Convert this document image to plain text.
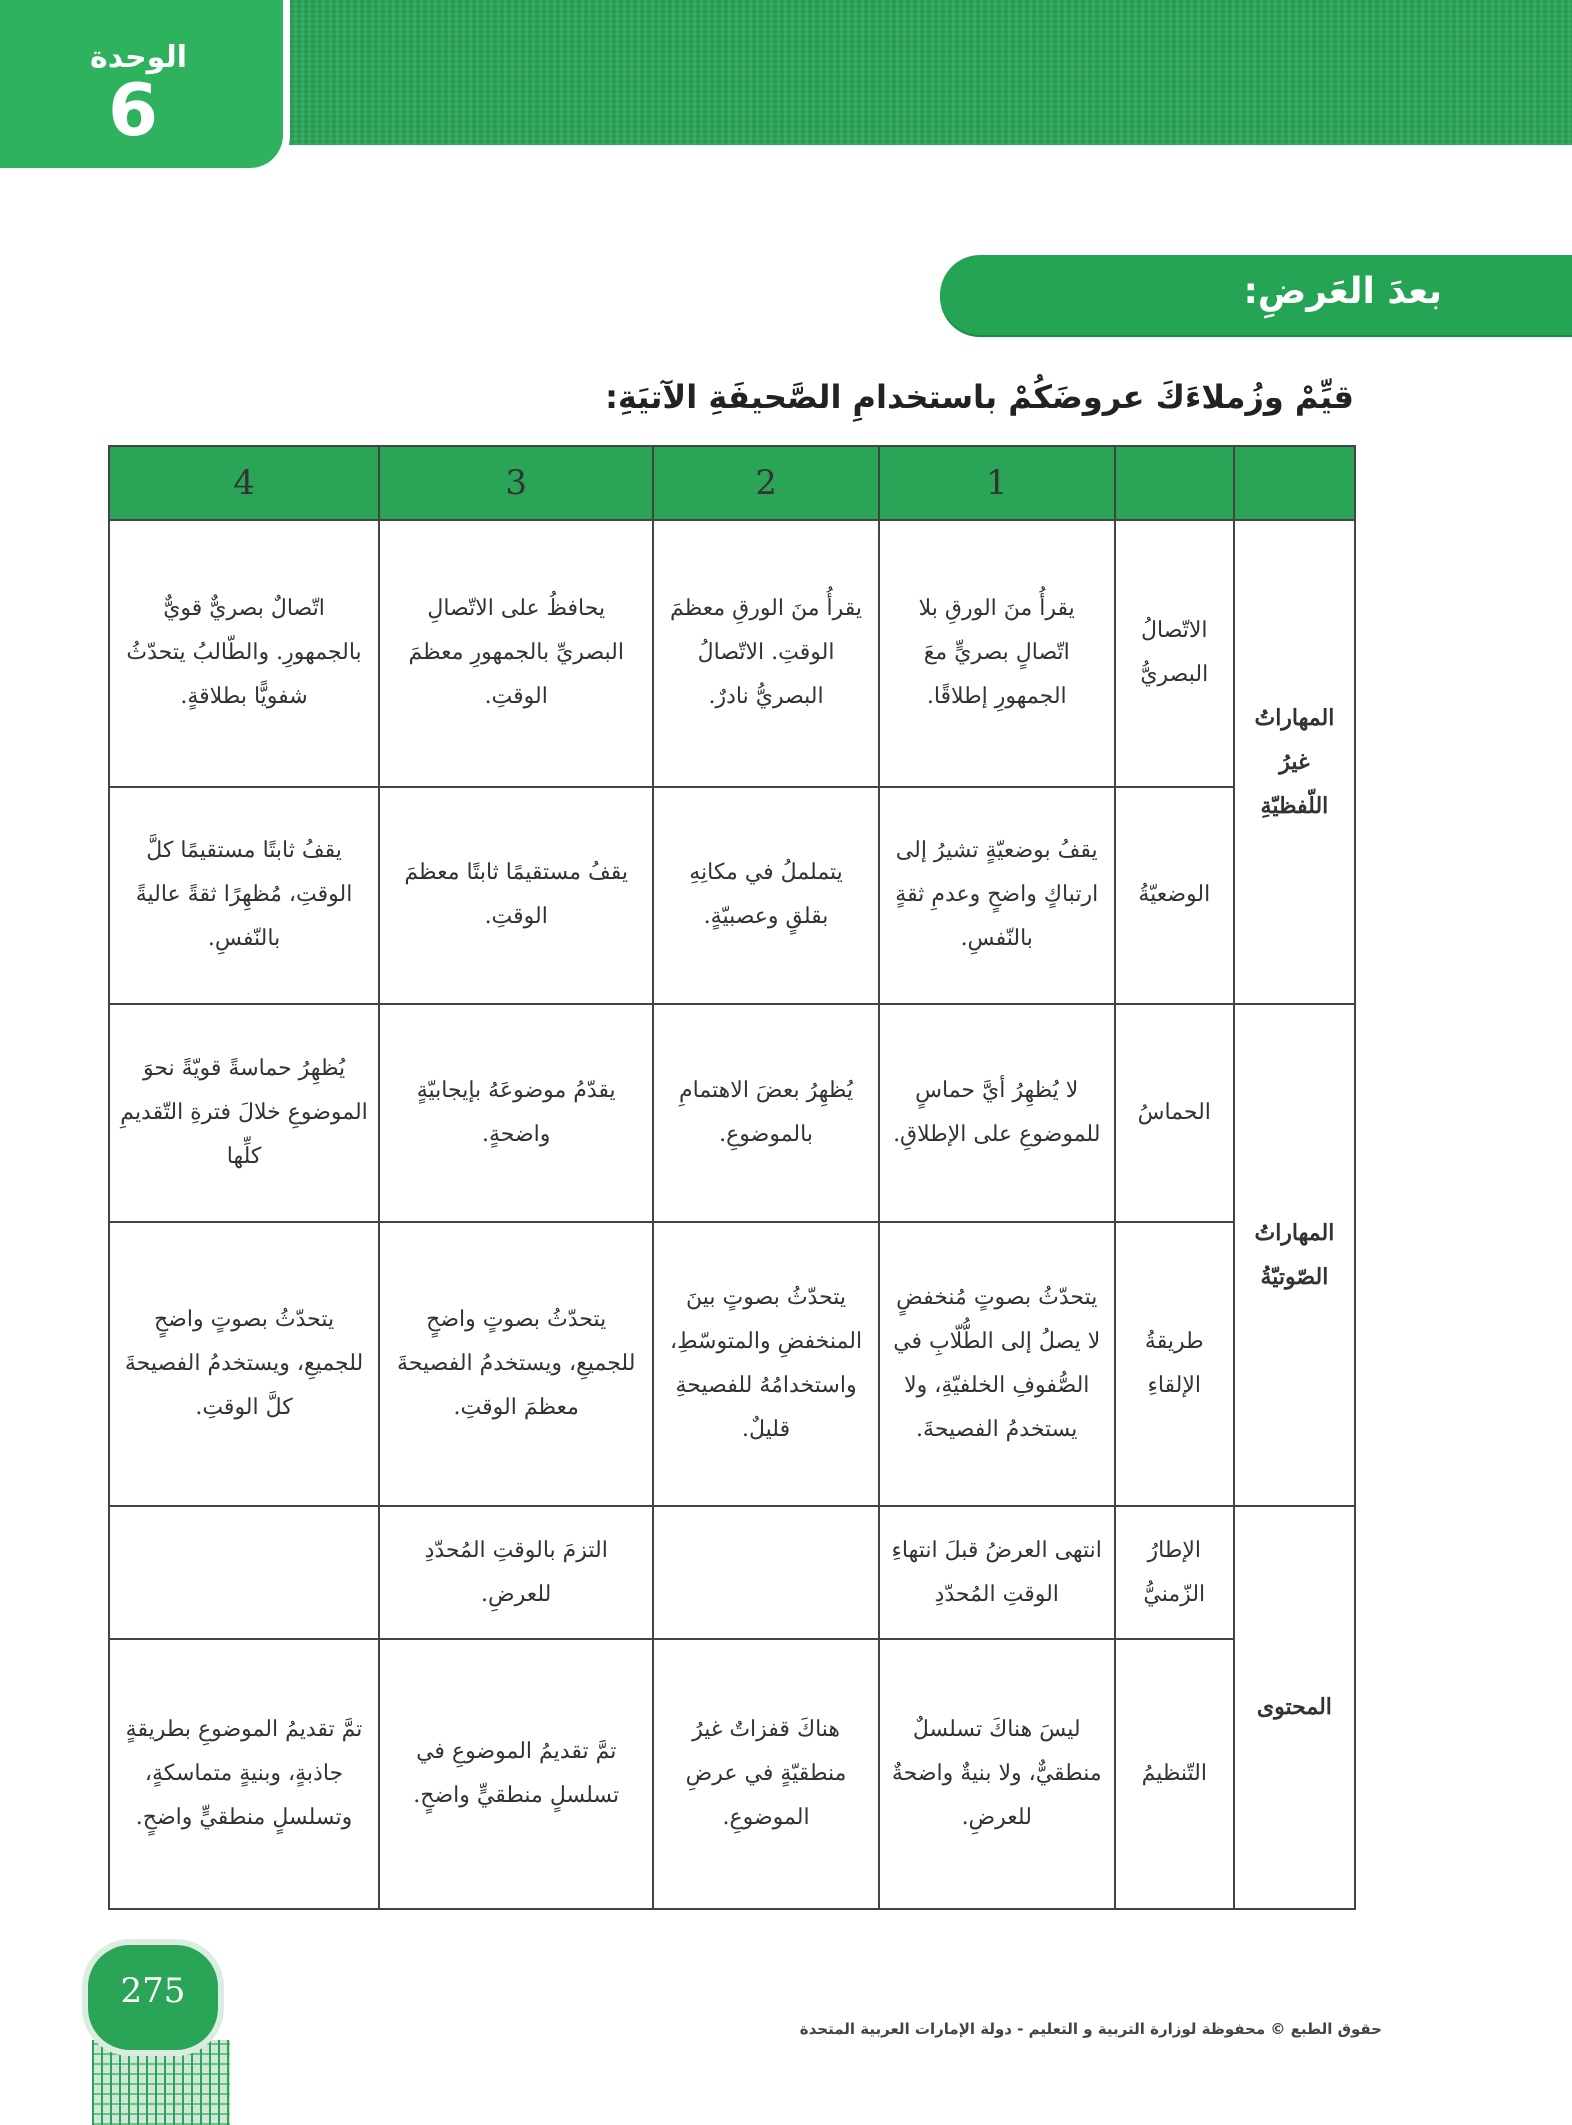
الوحدة
6
بعدَ العَرضِ:
قيِّمْ وزُملاءَكَ عروضَكُمْ باستخدامِ الصَّحيفَةِ الآتيَةِ:
		1	2	3	4
المهاراتُ غيرُ اللّفظيّةِ	الاتّصالُ البصريُّ	يقرأُ منَ الورقِ بلا اتّصالٍ بصريٍّ معَ الجمهورِ إطلاقًا.	يقرأُ منَ الورقِ معظمَ الوقتِ. الاتّصالُ البصريُّ نادرٌ.	يحافظُ على الاتّصالِ البصريِّ بالجمهورِ معظمَ الوقتِ.	اتّصالٌ بصريٌّ قويٌّ بالجمهورِ. والطّالبُ يتحدّثُ شفويًّا بطلاقةٍ.
	الوضعيّةُ	يقفُ بوضعيّةٍ تشيرُ إلى ارتباكٍ واضحٍ وعدمِ ثقةٍ بالنّفسِ.	يتململُ في مكانِهِ بقلقٍ وعصبيّةٍ.	يقفُ مستقيمًا ثابتًا معظمَ الوقتِ.	يقفُ ثابتًا مستقيمًا كلَّ الوقتِ، مُظهِرًا ثقةً عاليةً بالنّفسِ.
المهاراتُ الصّوتيّةُ	الحماسُ	لا يُظهِرُ أيَّ حماسٍ للموضوعِ على الإطلاقِ.	يُظهِرُ بعضَ الاهتمامِ بالموضوعِ.	يقدّمُ موضوعَهُ بإيجابيّةٍ واضحةٍ.	يُظهِرُ حماسةً قويّةً نحوَ الموضوعِ خلالَ فترةِ التّقديمِ كلِّها
	طريقةُ الإلقاءِ	يتحدّثُ بصوتٍ مُنخفضٍ لا يصلُ إلى الطُّلّابِ في الصُّفوفِ الخلفيّةِ، ولا يستخدمُ الفصيحةَ.	يتحدّثُ بصوتٍ بينَ المنخفضِ والمتوسّطِ، واستخدامُهُ للفصيحةِ قليلٌ.	يتحدّثُ بصوتٍ واضحٍ للجميعِ، ويستخدمُ الفصيحةَ معظمَ الوقتِ.	يتحدّثُ بصوتٍ واضحٍ للجميعِ، ويستخدمُ الفصيحةَ كلَّ الوقتِ.
المحتوى	الإطارُ الزّمنيُّ	انتهى العرضُ قبلَ انتهاءِ الوقتِ المُحدّدِ		التزمَ بالوقتِ المُحدّدِ للعرضِ.	
	التّنظيمُ	ليسَ هناكَ تسلسلٌ منطقيٌّ، ولا بنيةٌ واضحةٌ للعرضِ.	هناكَ قفزاتٌ غيرُ منطقيّةٍ في عرضِ الموضوعِ.	تمَّ تقديمُ الموضوعِ في تسلسلٍ منطقيٍّ واضحٍ.	تمَّ تقديمُ الموضوعِ بطريقةٍ جاذبةٍ، وبنيةٍ متماسكةٍ، وتسلسلٍ منطقيٍّ واضحٍ.
275
حقوق الطبع © محفوظة لوزارة التربية و التعليم - دولة الإمارات العربية المتحدة
